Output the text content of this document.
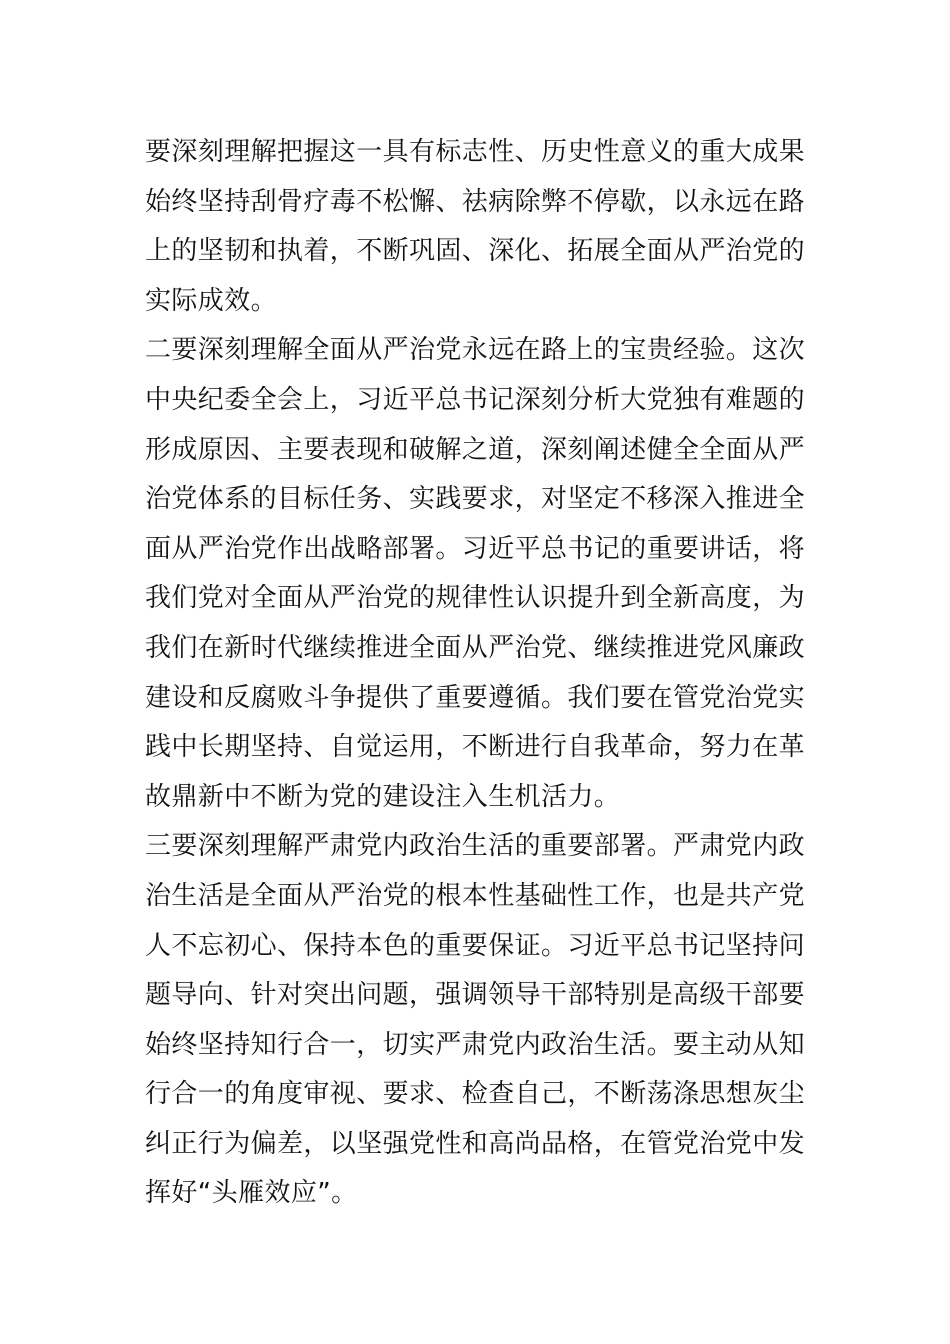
要深刻理解把握这一具有标志性、历史性意义的重大成果
始终坚持刮骨疗毒不松懈、祛病除弊不停歇，以永远在路
上的坚韧和执着，不断巩固、深化、拓展全面从严治党的
实际成效。
二要深刻理解全面从严治党永远在路上的宝贵经验。这次
中央纪委全会上，习近平总书记深刻分析大党独有难题的
形成原因、主要表现和破解之道，深刻阐述健全全面从严
治党体系的目标任务、实践要求，对坚定不移深入推进全
面从严治党作出战略部署。习近平总书记的重要讲话，将
我们党对全面从严治党的规律性认识提升到全新高度，为
我们在新时代继续推进全面从严治党、继续推进党风廉政
建设和反腐败斗争提供了重要遵循。我们要在管党治党实
践中长期坚持、自觉运用，不断进行自我革命，努力在革
故鼎新中不断为党的建设注入生机活力。
三要深刻理解严肃党内政治生活的重要部署。严肃党内政
治生活是全面从严治党的根本性基础性工作，也是共产党
人不忘初心、保持本色的重要保证。习近平总书记坚持问
题导向、针对突出问题，强调领导干部特别是高级干部要
始终坚持知行合一，切实严肃党内政治生活。要主动从知
行合一的角度审视、要求、检查自己，不断荡涤思想灰尘
纠正行为偏差，以坚强党性和高尚品格，在管党治党中发
挥好“头雁效应”。
